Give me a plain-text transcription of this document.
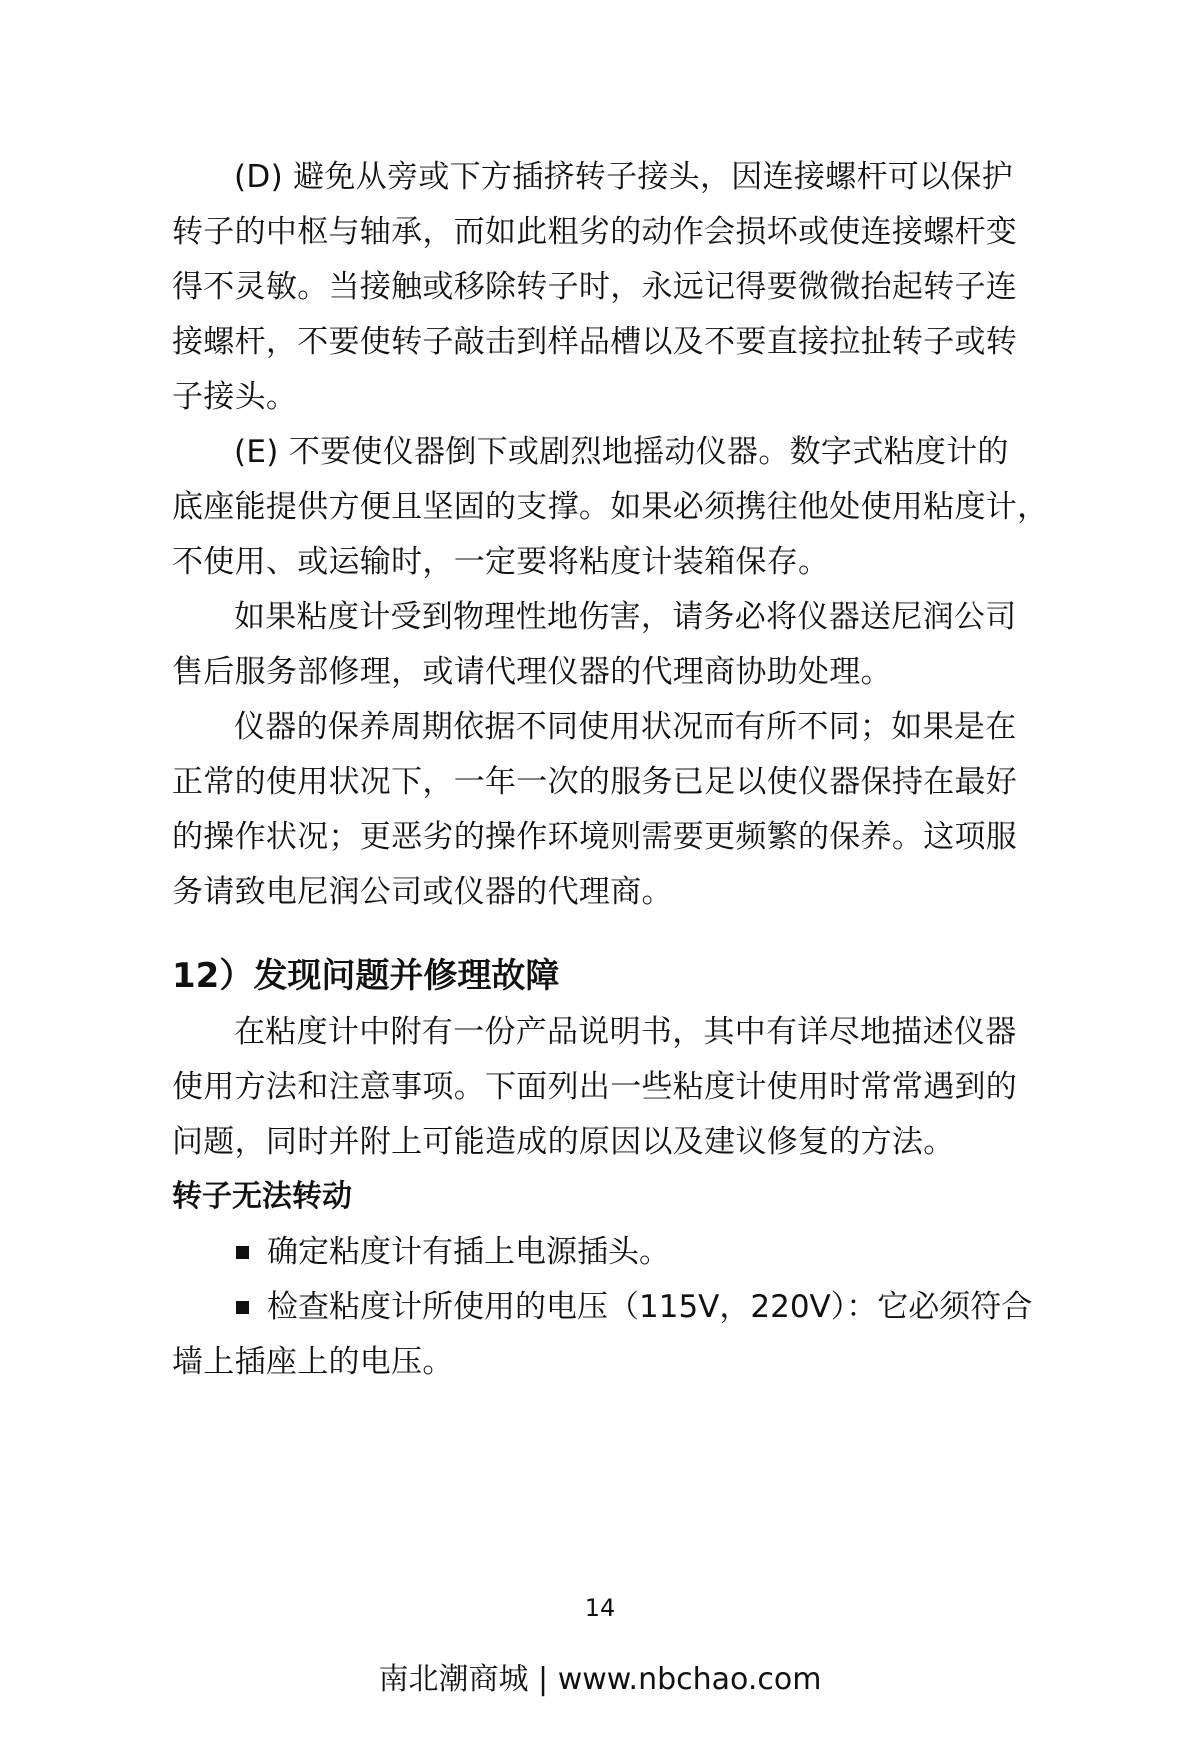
(D) 避免从旁或下方插挤转子接头，因连接螺杆可以保护
转子的中枢与轴承，而如此粗劣的动作会损坏或使连接螺杆变
得不灵敏。当接触或移除转子时，永远记得要微微抬起转子连
接螺杆，不要使转子敲击到样品槽以及不要直接拉扯转子或转
子接头。
(E) 不要使仪器倒下或剧烈地摇动仪器。数字式粘度计的
底座能提供方便且坚固的支撑。如果必须携往他处使用粘度计，
不使用、或运输时，一定要将粘度计装箱保存。
如果粘度计受到物理性地伤害，请务必将仪器送尼润公司
售后服务部修理，或请代理仪器的代理商协助处理。
仪器的保养周期依据不同使用状况而有所不同；如果是在
正常的使用状况下，一年一次的服务已足以使仪器保持在最好
的操作状况；更恶劣的操作环境则需要更频繁的保养。这项服
务请致电尼润公司或仪器的代理商。
12）发现问题并修理故障
在粘度计中附有一份产品说明书，其中有详尽地描述仪器
使用方法和注意事项。下面列出一些粘度计使用时常常遇到的
问题，同时并附上可能造成的原因以及建议修复的方法。
转子无法转动
确定粘度计有插上电源插头。
检查粘度计所使用的电压（115V，220V）：它必须符合
墙上插座上的电压。
14
南北潮商城 | www.nbchao.com
